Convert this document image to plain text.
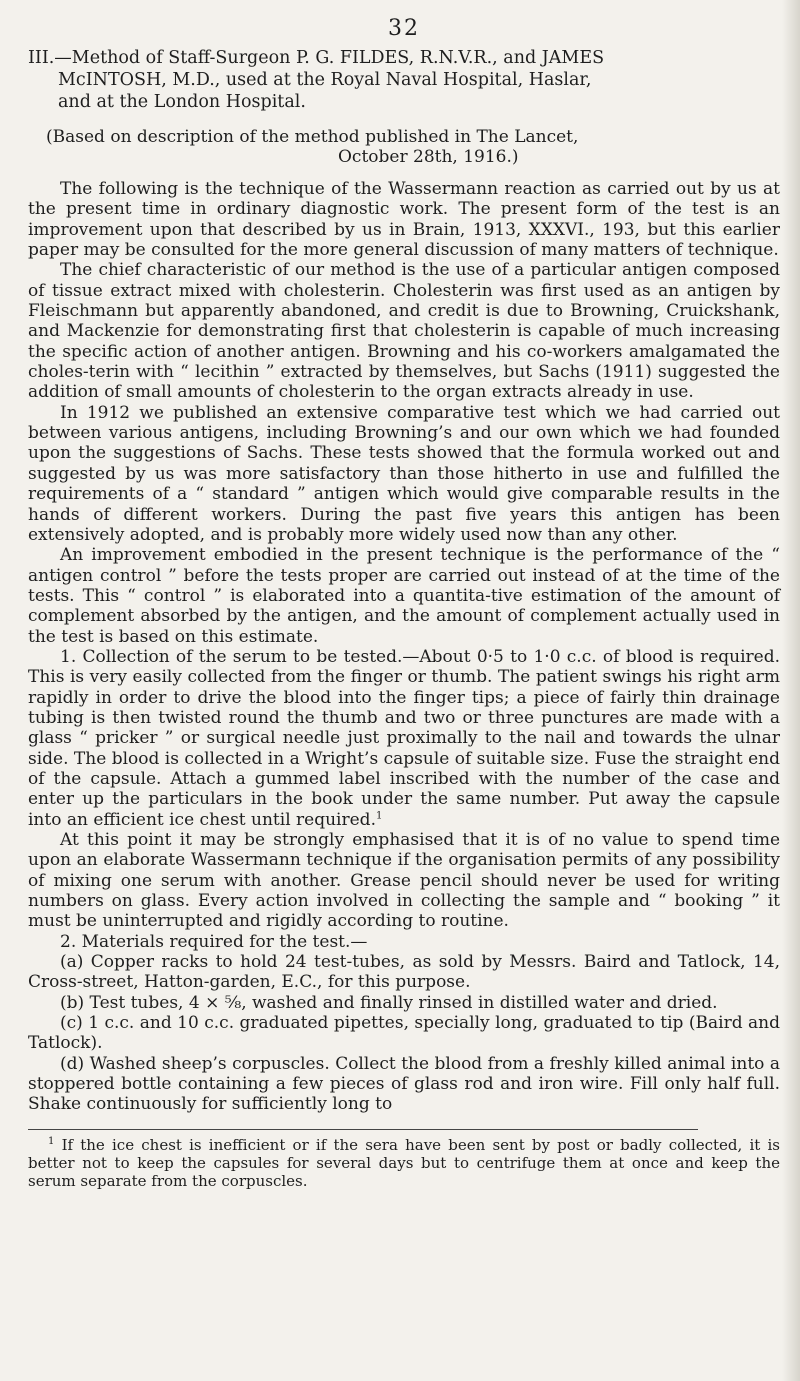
32
III.—Method of Staff-Surgeon P. G. FILDES, R.N.V.R., and JAMES
McINTOSH, M.D., used at the Royal Naval Hospital, Haslar,
and at the London Hospital.
(Based on description of the method published in The Lancet,
October 28th, 1916.)

The following is the technique of the Wassermann reaction as carried out by us at the present time in ordinary diagnostic work. The present form of the test is an improvement upon that described by us in Brain, 1913, XXXVI., 193, but this earlier paper may be consulted for the more general discussion of many matters of technique.

The chief characteristic of our method is the use of a particular antigen composed of tissue extract mixed with cholesterin. Cholesterin was first used as an antigen by Fleischmann but apparently abandoned, and credit is due to Browning, Cruickshank, and Mackenzie for demonstrating first that cholesterin is capable of much increasing the specific action of another antigen. Browning and his co-workers amalgamated the choles-terin with “ lecithin ” extracted by themselves, but Sachs (1911) suggested the addition of small amounts of cholesterin to the organ extracts already in use.

In 1912 we published an extensive comparative test which we had carried out between various antigens, including Browning’s and our own which we had founded upon the suggestions of Sachs. These tests showed that the formula worked out and suggested by us was more satisfactory than those hitherto in use and fulfilled the requirements of a “ standard ” antigen which would give comparable results in the hands of different workers. During the past five years this antigen has been extensively adopted, and is probably more widely used now than any other.

An improvement embodied in the present technique is the performance of the “ antigen control ” before the tests proper are carried out instead of at the time of the tests. This “ control ” is elaborated into a quantita-tive estimation of the amount of complement absorbed by the antigen, and the amount of complement actually used in the test is based on this estimate.

1. Collection of the serum to be tested.—About 0·5 to 1·0 c.c. of blood is required. This is very easily collected from the finger or thumb. The patient swings his right arm rapidly in order to drive the blood into the finger tips; a piece of fairly thin drainage tubing is then twisted round the thumb and two or three punctures are made with a glass “ pricker ” or surgical needle just proximally to the nail and towards the ulnar side. The blood is collected in a Wright’s capsule of suitable size. Fuse the straight end of the capsule. Attach a gummed label inscribed with the number of the case and enter up the particulars in the book under the same number. Put away the capsule into an efficient ice chest until required.$^1$

At this point it may be strongly emphasised that it is of no value to spend time upon an elaborate Wassermann technique if the organisation permits of any possibility of mixing one serum with another. Grease pencil should never be used for writing numbers on glass. Every action involved in collecting the sample and “ booking ” it must be uninterrupted and rigidly according to routine.

2. Materials required for the test.—

(a) Copper racks to hold 24 test-tubes, as sold by Messrs. Baird and Tatlock, 14, Cross-street, Hatton-garden, E.C., for this purpose.

(b) Test tubes, 4 × ⅝, washed and finally rinsed in distilled water and dried.

(c) 1 c.c. and 10 c.c. graduated pipettes, specially long, graduated to tip (Baird and Tatlock).

(d) Washed sheep’s corpuscles. Collect the blood from a freshly killed animal into a stoppered bottle containing a few pieces of glass rod and iron wire. Fill only half full. Shake continuously for sufficiently long to

$^1$ If the ice chest is inefficient or if the sera have been sent by post or badly collected, it is better not to keep the capsules for several days but to centrifuge them at once and keep the serum separate from the corpuscles.
